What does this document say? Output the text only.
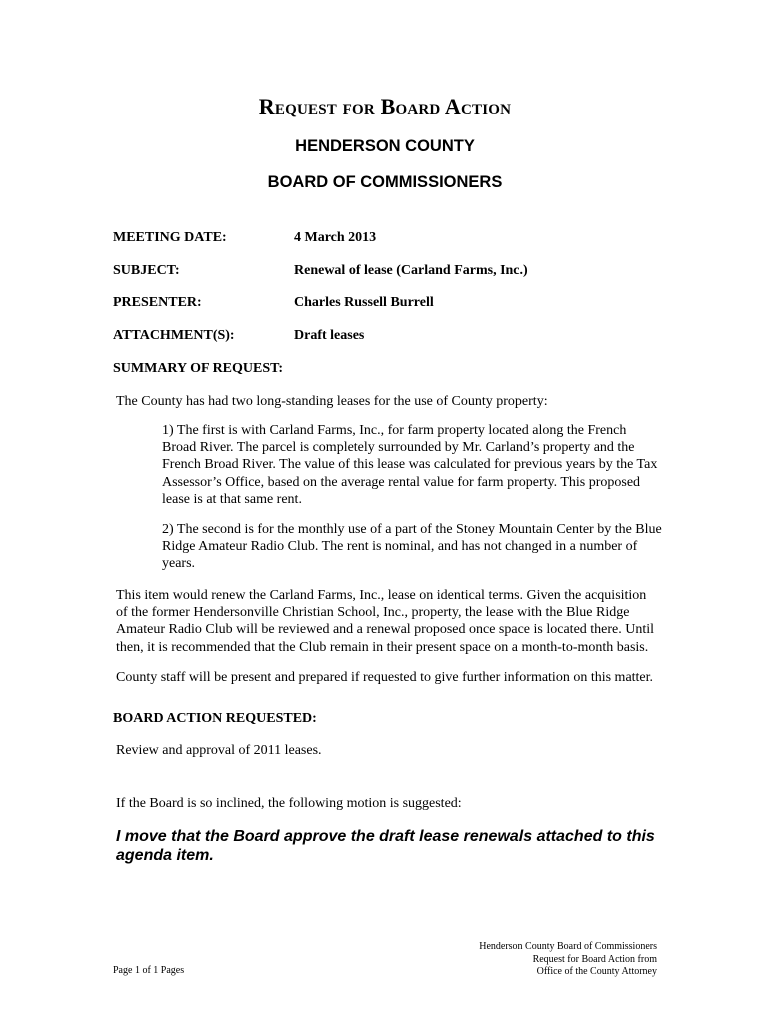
Request for Board Action
HENDERSON COUNTY
BOARD OF COMMISSIONERS
MEETING DATE:	4 March 2013
SUBJECT:	Renewal of lease (Carland Farms, Inc.)
PRESENTER:	Charles Russell Burrell
ATTACHMENT(S):	Draft leases
SUMMARY OF REQUEST:

The County has had two long-standing leases for the use of County property:

1) The first is with Carland Farms, Inc., for farm property located along the French Broad River. The parcel is completely surrounded by Mr. Carland’s property and the French Broad River. The value of this lease was calculated for previous years by the Tax Assessor’s Office, based on the average rental value for farm property. This proposed lease is at that same rent.

2) The second is for the monthly use of a part of the Stoney Mountain Center by the Blue Ridge Amateur Radio Club. The rent is nominal, and has not changed in a number of years.

This item would renew the Carland Farms, Inc., lease on identical terms. Given the acquisition of the former Hendersonville Christian School, Inc., property, the lease with the Blue Ridge Amateur Radio Club will be reviewed and a renewal proposed once space is located there. Until then, it is recommended that the Club remain in their present space on a month-to-month basis.

County staff will be present and prepared if requested to give further information on this matter.

BOARD ACTION REQUESTED:

Review and approval of 2011 leases.

If the Board is so inclined, the following motion is suggested:

I move that the Board approve the draft lease renewals attached to this agenda item.
Page 1 of 1 Pages
Henderson County Board of Commissioners
Request for Board Action from
Office of the County Attorney
